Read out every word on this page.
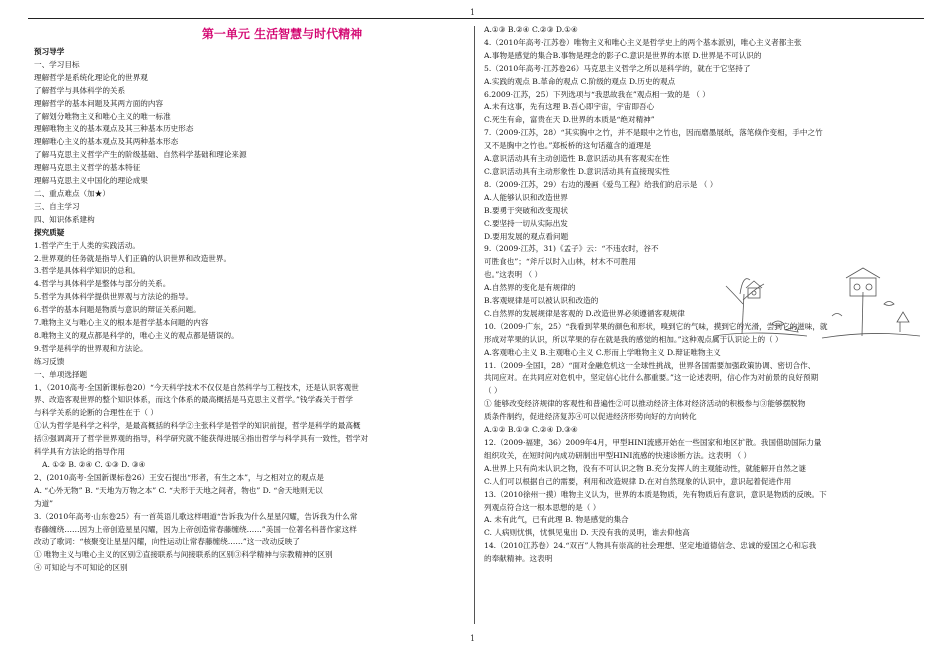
1
第一单元 生活智慧与时代精神
预习导学
一、学习目标
理解哲学是系统化理论化的世界观
了解哲学与具体科学的关系
理解哲学的基本问题及其两方面的内容
了解划分唯物主义和唯心主义的唯一标准
理解唯物主义的基本观点及其三种基本历史形态
理解唯心主义的基本观点及其两种基本形态
了解马克思主义哲学产生的阶级基础、自然科学基础和理论来源
理解马克思主义哲学的基本特征
理解马克思主义中国化的理论成果
二、重点难点（加★）
三、自主学习
四、知识体系建构
探究质疑
1.哲学产生于人类的实践活动。
2.世界观的任务就是指导人们正确的认识世界和改造世界。
3.哲学是具体科学知识的总和。
4.哲学与具体科学是整体与部分的关系。
5.哲学为具体科学提供世界观与方法论的指导。
6.哲学的基本问题是物质与意识的辩证关系问题。
7.唯物主义与唯心主义的根本是哲学基本问题的内容
8.唯物主义的观点都是科学的，唯心主义的观点都是错误的。
9.哲学是科学的世界观和方法论。
练习反馈
一、单项选择题
1、（2010高考·全国新课标卷20）“今天科学技术不仅仅是自然科学与工程技术，还是认识客观世
界、改造客观世界的整个知识体系，而这个体系的最高概括是马克思主义哲学。”钱学森关于哲学
与科学关系的论断的合理性在于（ ）
①认为哲学是科学之科学，是最高概括的科学②主张科学是哲学的知识前提，哲学是科学的最高概
括③强调离开了哲学世界观的指导，科学研究就不能获得进展④指出哲学与科学具有一致性，哲学对
科学具有方法论的指导作用
A. ①② B. ②④ C. ①③ D. ③④
2、(2010高考·全国新课标卷26）王安石提出“形者，有生之本”，与之相对立的观点是
A. “心外无物” B. “天地为万物之本” C. “夫形于天地之间者，物也” D. “舍天地则无以
为道”
3.（2010年高考·山东卷25）有一首英语儿歌这样唱道“告诉我为什么星星闪耀，告诉我为什么常
春藤缠绕……因为上帝创造星星闪耀，因为上帝创造常春藤缠绕……”美国一位著名科普作家这样
改动了歌词：“核聚变让星星闪耀，向性运动让常春藤缠绕……”这一改动反映了
① 唯物主义与唯心主义的区别②直接联系与间接联系的区别③科学精神与宗教精神的区别
④ 可知论与不可知论的区别
A.①③ B.②④ C.②③ D.①④
4.（2010年高考·江苏卷）唯物主义和唯心主义是哲学史上的两个基本派别，唯心主义者都主张
A.事物是感觉的集合B.事物是理念的影子C.意识是世界的本原 D.世界是不可认识的
5.（2010年高考·江苏卷26）马克思主义哲学之所以是科学的，就在于它坚持了
A.实践的观点 B.革命的观点 C.阶级的观点 D.历史的观点
6.2009·江苏，25）下列选项与“我思故我在”观点相一致的是 （ ）
A.未有这事，先有这理 B.吾心即宇宙，宇宙即吾心
C.死生有命，富贵在天 D.世界的本质是“绝对精神”
7.（2009·江苏，28）“其实胸中之竹，并不是眼中之竹也，因而磨墨展纸，落笔倏作变相，手中之竹
又不是胸中之竹也。”郑板桥的这句话蕴含的道理是
A.意识活动具有主动创造性 B.意识活动具有客观实在性
C.意识活动具有主动形象性 D.意识活动具有直接现实性
8.（2009·江苏，29）右边的漫画《爱鸟工程》给我们的启示是 （ ）
A.人能够认识和改造世界
B.要勇于突破和改变现状
C.要坚持一切从实际出发
D.要用发展的观点看问题
9.（2009·江苏，31)《孟子》云：“不违农时，谷不
可胜食也”；“斧斤以时入山林，材木不可胜用
也。”这表明 （ ）
A.自然界的变化是有规律的
B.客观规律是可以被认识和改造的
C.自然界的发展规律是客观的 D.改造世界必须遵循客观规律
10.（2009·广东，25）“我看到苹果的颜色和形状，嗅到它的气味，摸到它的光滑，尝到它的滋味，就
形成对苹果的认识，所以苹果的存在就是我的感觉的相加。”这种观点属于认识论上的（ ）
A.客观唯心主义 B.主观唯心主义 C.形而上学唯物主义 D.辩证唯物主义
11.（2009·全国Ⅰ，28）“面对金融危机这一全球性挑战，世界各国需要加强政策协调、密切合作、
共同应对。在共同应对危机中，坚定信心比什么都重要。”这一论述表明，信心作为对前景的良好预期
（ ）
① 能够改变经济规律的客观性和普遍性②可以推动经济主体对经济活动的积极参与③能够摆脱物
质条件制约，促进经济复苏④可以促进经济形势向好的方向转化
A.①② B.①③ C.②④ D.③④
12.（2009·福建，36）2009年4月，甲型HINI流感开始在一些国家和地区扩散。我国借助国际力量
组织攻关，在短时间内成功研制出甲型HINI流感的快速诊断方法。这表明 （ ）
A.世界上只有尚未认识之物，没有不可认识之物 B.充分发挥人的主观能动性，就能解开自然之谜
C.人们可以根据自己的需要，利用和改造规律 D.在对自然现象的认识中，意识起着促进作用
13.（2010徐州一摸）唯物主义认为，世界的本质是物质，先有物质后有意识，意识是物质的反映。下
列观点符合这一根本思想的是（ ）
A. 未有此气，已有此理 B. 物是感觉的集合
C. 人病则忧惧，忧惧见鬼出 D. 天没有我的灵明，谁去仰他高
14.（2010江苏卷）24.“双百”人物具有崇高的社会理想、坚定地道德信念、忠诚的爱国之心和忘我
的奉献精神。这表明
1
